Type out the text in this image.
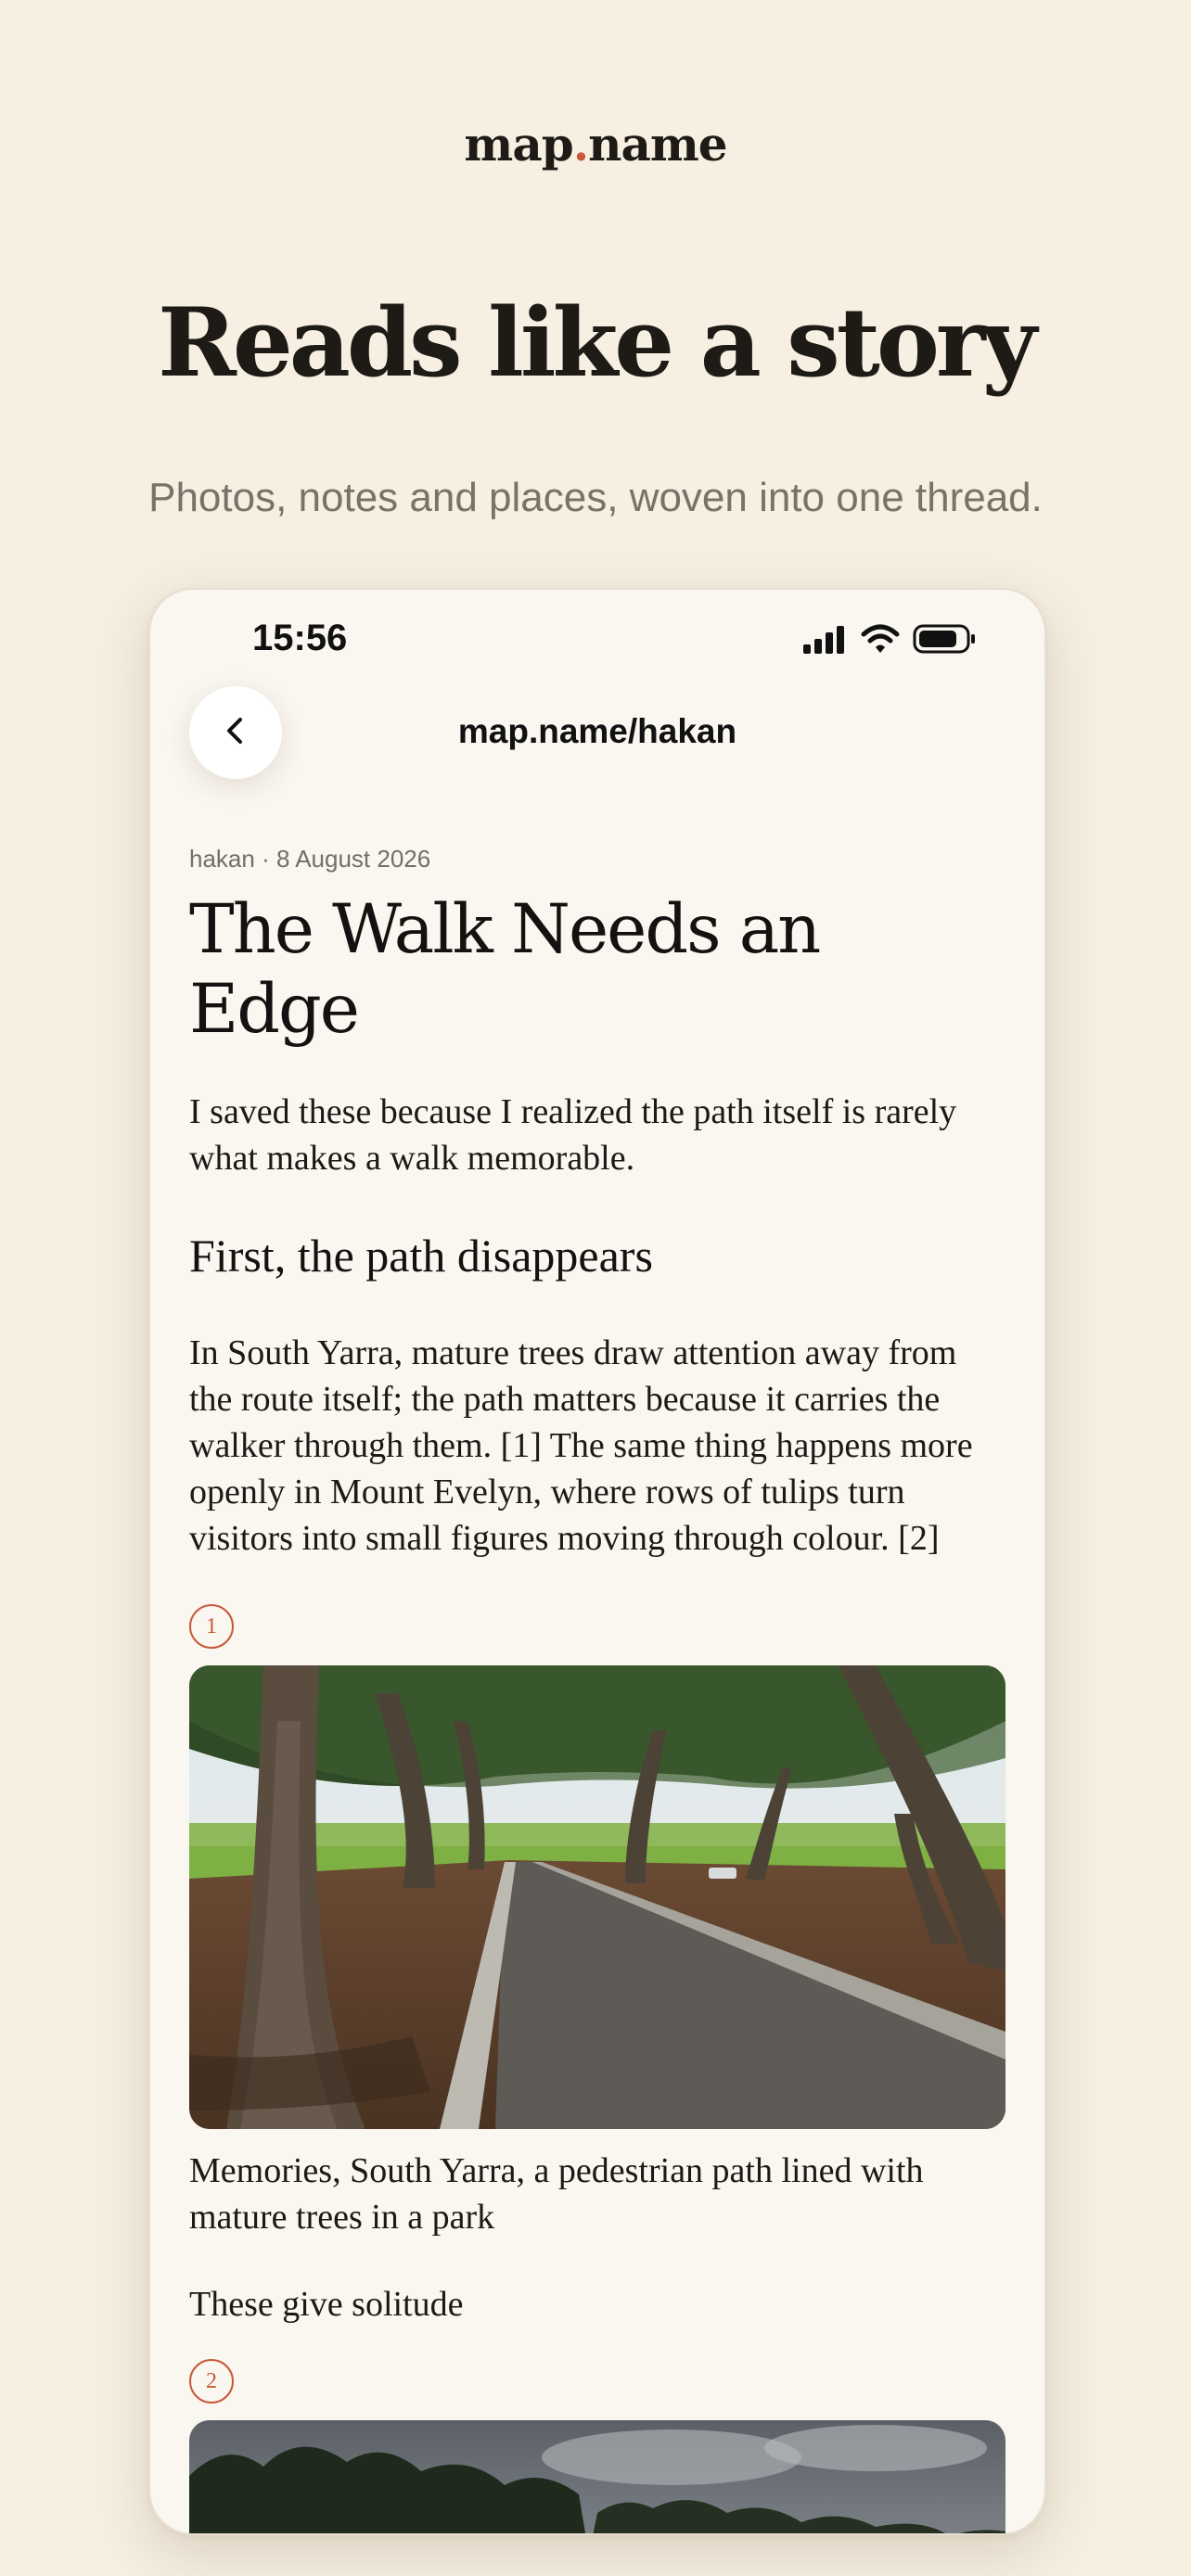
map.name
Reads like a story
Photos, notes and places, woven into one thread.
15:56
map.name/hakan

hakan · 8 August 2026

The Walk Needs an Edge

I saved these because I realized the path itself is rarely what makes a walk memorable.

First, the path disappears

In South Yarra, mature trees draw attention away from the route itself; the path matters because it carries the walker through them. [1] The same thing happens more openly in Mount Evelyn, where rows of tulips turn visitors into small figures moving through colour. [2]

1

Memories, South Yarra, a pedestrian path lined with mature trees in a park

These give solitude

2
